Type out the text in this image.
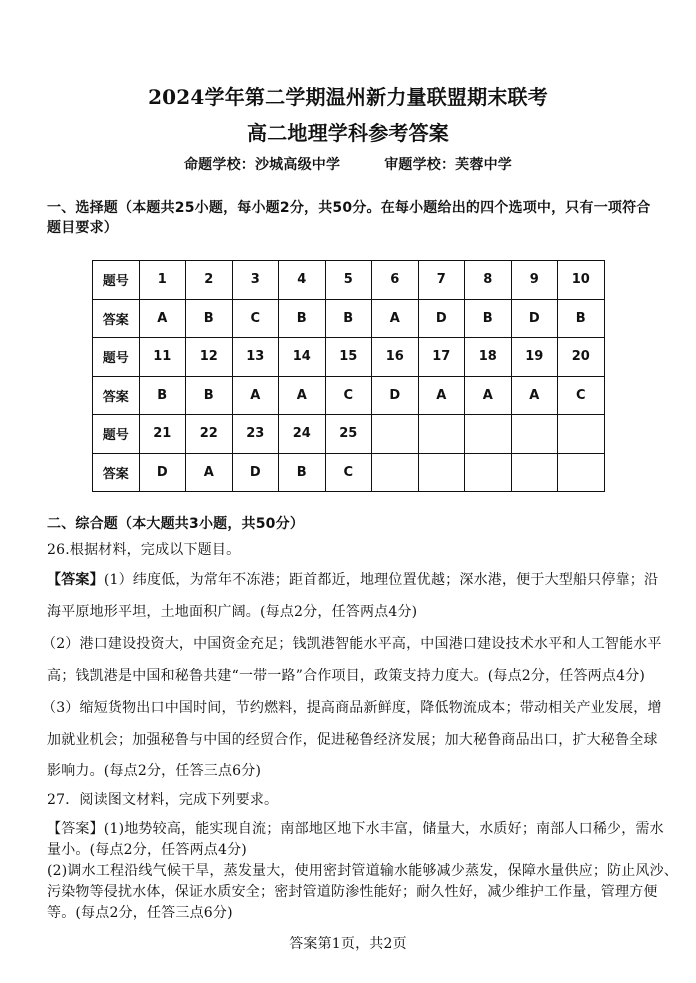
2024学年第二学期温州新力量联盟期末联考
高二地理学科参考答案
命题学校：沙城高级中学	审题学校：芙蓉中学
一、选择题（本题共25小题，每小题2分，共50分。在每小题给出的四个选项中，只有一项符合
题目要求）
题号	1	2	3	4	5	6	7	8	9	10
答案	A	B	C	B	B	A	D	B	D	B
题号	11	12	13	14	15	16	17	18	19	20
答案	B	B	A	A	C	D	A	A	A	C
题号	21	22	23	24	25					
答案	D	A	D	B	C					
二、综合题（本大题共3小题，共50分）
26.根据材料，完成以下题目。
【答案】(1）纬度低，为常年不冻港；距首都近，地理位置优越；深水港，便于大型船只停靠；沿
海平原地形平坦，土地面积广阔。(每点2分，任答两点4分)
（2）港口建设投资大，中国资金充足；钱凯港智能水平高，中国港口建设技术水平和人工智能水平
高；钱凯港是中国和秘鲁共建“一带一路”合作项目，政策支持力度大。(每点2分，任答两点4分)
（3）缩短货物出口中国时间，节约燃料，提高商品新鲜度，降低物流成本；带动相关产业发展，增
加就业机会；加强秘鲁与中国的经贸合作，促进秘鲁经济发展；加大秘鲁商品出口，扩大秘鲁全球
影响力。(每点2分，任答三点6分)
27．阅读图文材料，完成下列要求。
【答案】(1)地势较高，能实现自流；南部地区地下水丰富，储量大，水质好；南部人口稀少，需水
量小。(每点2分，任答两点4分)
(2)调水工程沿线气候干旱，蒸发量大，使用密封管道输水能够减少蒸发，保障水量供应；防止风沙、
污染物等侵扰水体，保证水质安全；密封管道防渗性能好；耐久性好，减少维护工作量，管理方便
等。(每点2分，任答三点6分)
答案第1页，共2页
